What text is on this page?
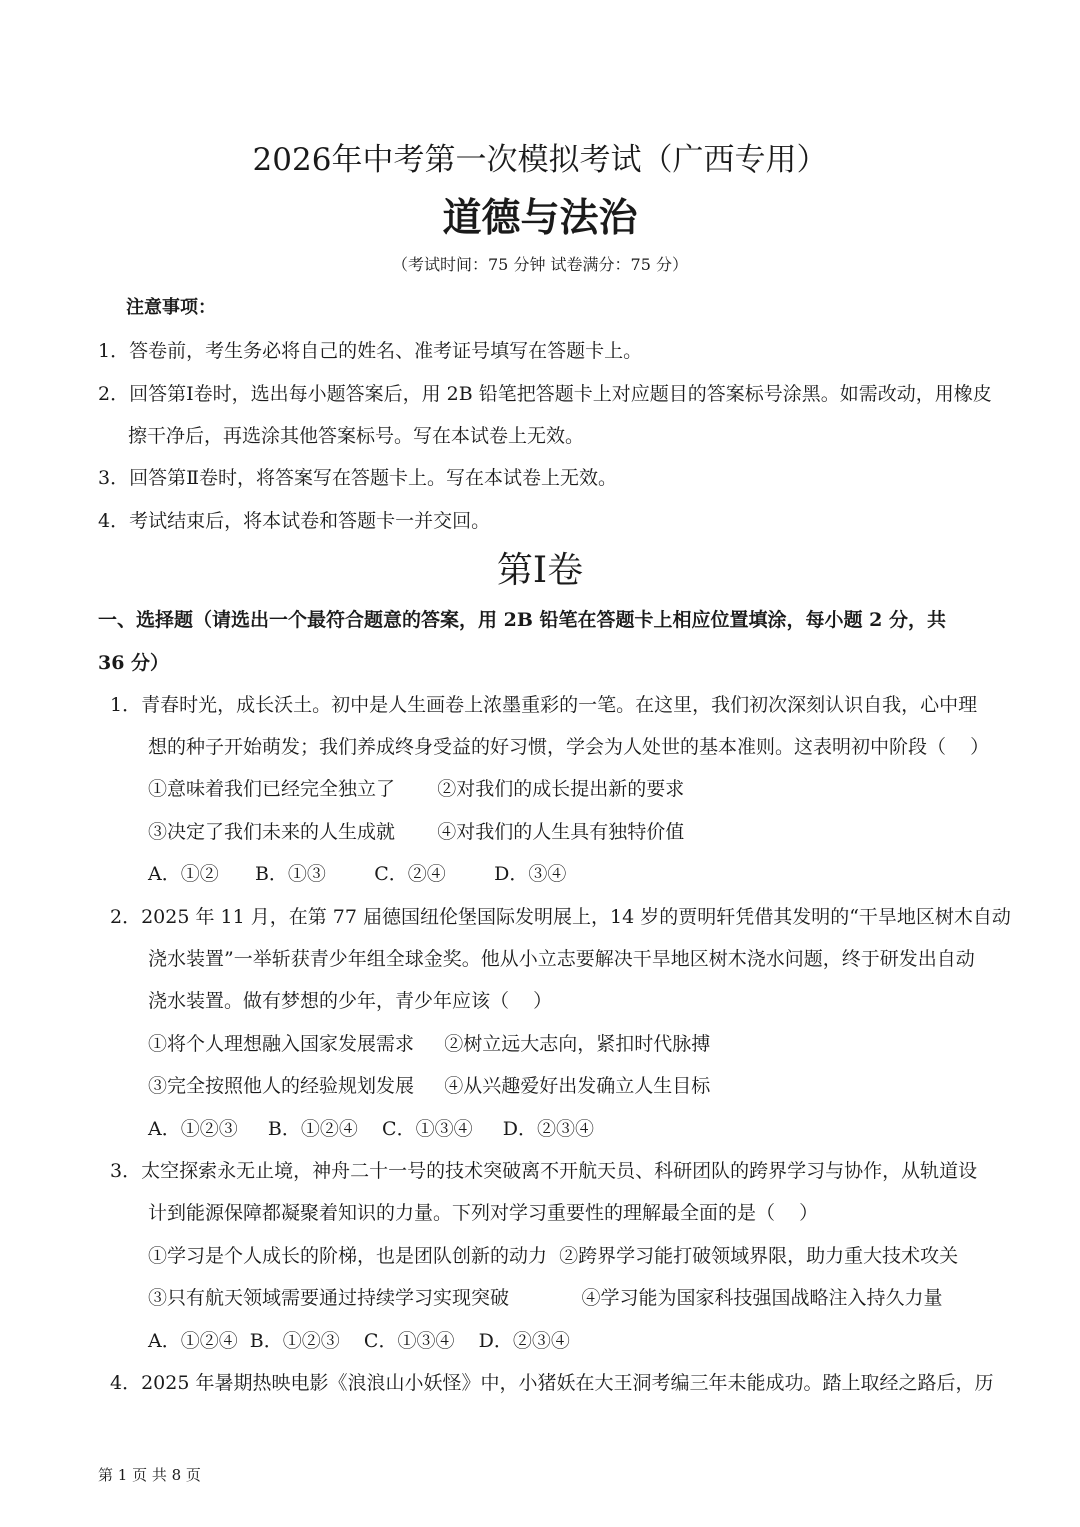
2026年中考第一次模拟考试（广西专用）
道德与法治
（考试时间：75 分钟 试卷满分：75 分）
注意事项：
1．答卷前，考生务必将自己的姓名、准考证号填写在答题卡上。
2．回答第Ⅰ卷时，选出每小题答案后，用 2B 铅笔把答题卡上对应题目的答案标号涂黑。如需改动，用橡皮
擦干净后，再选涂其他答案标号。写在本试卷上无效。
3．回答第Ⅱ卷时，将答案写在答题卡上。写在本试卷上无效。
4．考试结束后，将本试卷和答题卡一并交回。
第Ⅰ卷
一、选择题（请选出一个最符合题意的答案，用 2B 铅笔在答题卡上相应位置填涂，每小题 2 分，共
36 分）
1．青春时光，成长沃土。初中是人生画卷上浓墨重彩的一笔。在这里，我们初次深刻认识自我，心中理
想的种子开始萌发；我们养成终身受益的好习惯，学会为人处世的基本准则。这表明初中阶段（    ）
①意味着我们已经完全独立了       ②对我们的成长提出新的要求
③决定了我们未来的人生成就       ④对我们的人生具有独特价值
A．①②      B．①③        C．②④        D．③④
2．2025 年 11 月，在第 77 届德国纽伦堡国际发明展上，14 岁的贾明轩凭借其发明的“干旱地区树木自动
浇水装置”一举斩获青少年组全球金奖。他从小立志要解决干旱地区树木浇水问题，终于研发出自动
浇水装置。做有梦想的少年，青少年应该（    ）
①将个人理想融入国家发展需求     ②树立远大志向，紧扣时代脉搏
③完全按照他人的经验规划发展     ④从兴趣爱好出发确立人生目标
A．①②③     B．①②④    C．①③④     D．②③④
3．太空探索永无止境，神舟二十一号的技术突破离不开航天员、科研团队的跨界学习与协作，从轨道设
计到能源保障都凝聚着知识的力量。下列对学习重要性的理解最全面的是（    ）
①学习是个人成长的阶梯，也是团队创新的动力  ②跨界学习能打破领域界限，助力重大技术攻关
③只有航天领域需要通过持续学习实现突破            ④学习能为国家科技强国战略注入持久力量
A．①②④  B．①②③    C．①③④    D．②③④
4．2025 年暑期热映电影《浪浪山小妖怪》中，小猪妖在大王洞考编三年未能成功。踏上取经之路后，历
第 1 页 共 8 页
